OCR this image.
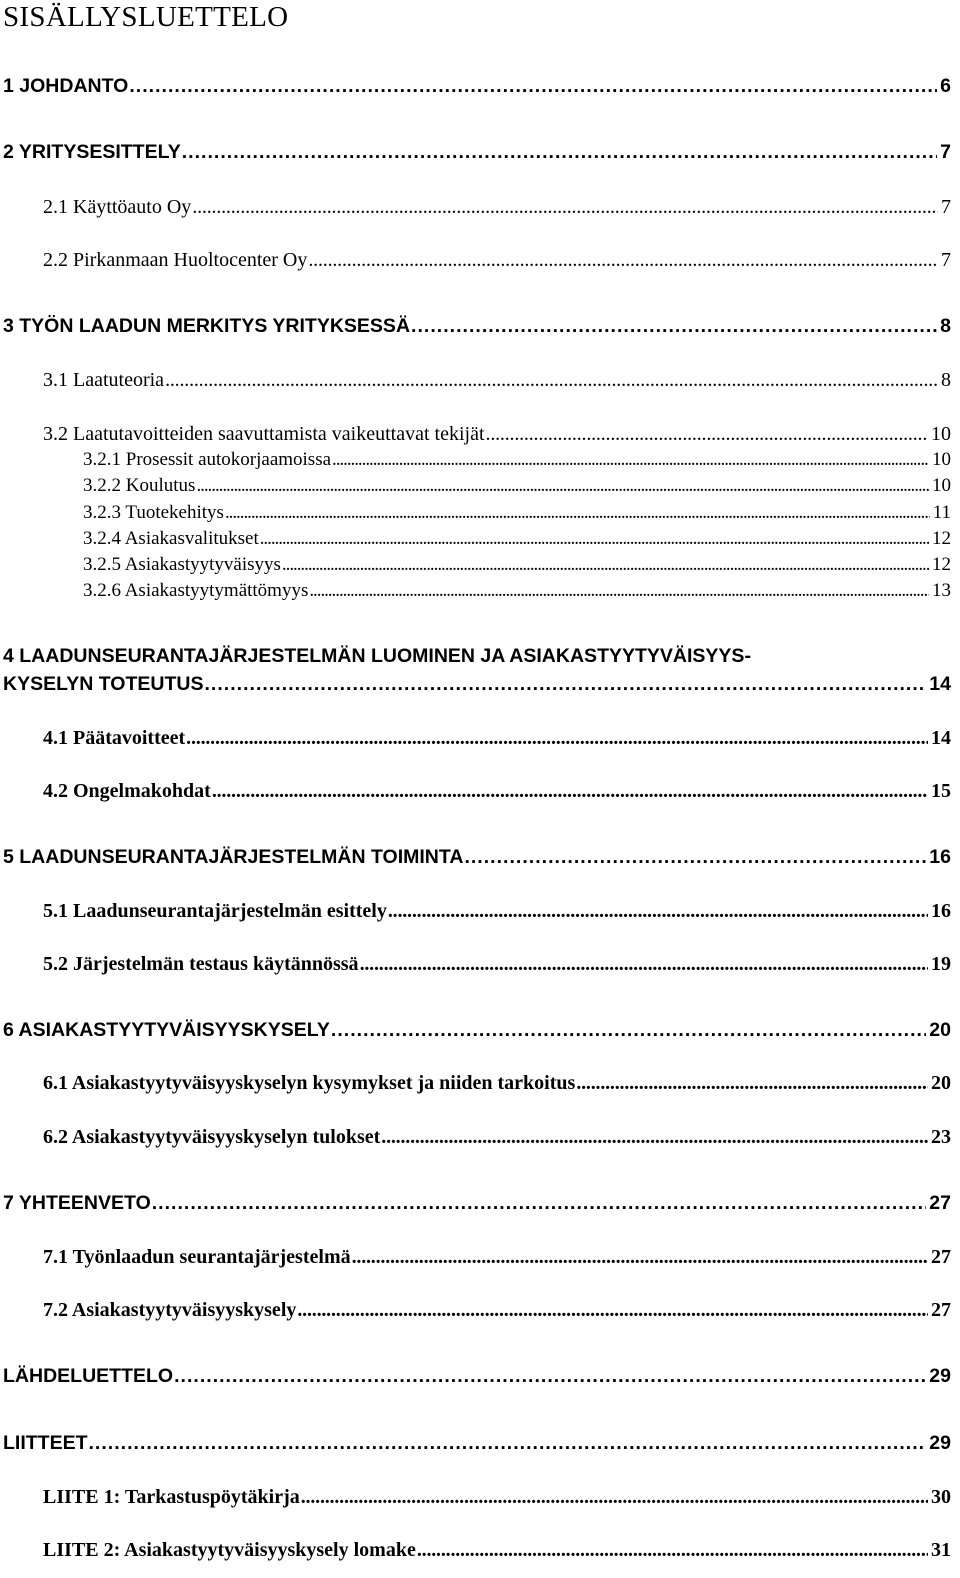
SISÄLLYSLUETTELO
1 JOHDANTO . . .	6
2 YRITYSESITTELY . . .	7
2.1 Käyttöauto Oy . . .	7
2.2 Pirkanmaan Huoltocenter Oy . . .	7
3 TYÖN LAADUN MERKITYS YRITYKSESSÄ . . .	8
3.1 Laatuteoria . . .	8
3.2 Laatutavoitteiden saavuttamista vaikeuttavat tekijät . . .	10
3.2.1 Prosessit autokorjaamoissa . . .	10
3.2.2 Koulutus . . .	10
3.2.3 Tuotekehitys . . .	11
3.2.4 Asiakasvalitukset . . .	12
3.2.5 Asiakastyytyväisyys . . .	12
3.2.6 Asiakastyytymättömyys . . .	13
4 LAADUNSEURANTAJÄRJESTELMÄN LUOMINEN JA ASIAKASTYYTYVÄISYYS-
KYSELYN TOTEUTUS . . .	14
4.1 Päätavoitteet . . .	14
4.2 Ongelmakohdat . . .	15
5 LAADUNSEURANTAJÄRJESTELMÄN TOIMINTA . . .	16
5.1 Laadunseurantajärjestelmän esittely . . .	16
5.2 Järjestelmän testaus käytännössä . . .	19
6 ASIAKASTYYTYVÄISYYSKYSELY . . .	20
6.1 Asiakastyytyväisyyskyselyn kysymykset ja niiden tarkoitus . . .	20
6.2 Asiakastyytyväisyyskyselyn tulokset . . .	23
7 YHTEENVETO . . .	27
7.1 Työnlaadun seurantajärjestelmä . . .	27
7.2 Asiakastyytyväisyyskysely . . .	27
LÄHDELUETTELO . . .	29
LIITTEET . . .	29
LIITE 1: Tarkastuspöytäkirja . . .	30
LIITE 2: Asiakastyytyväisyyskysely lomake . . .	31
